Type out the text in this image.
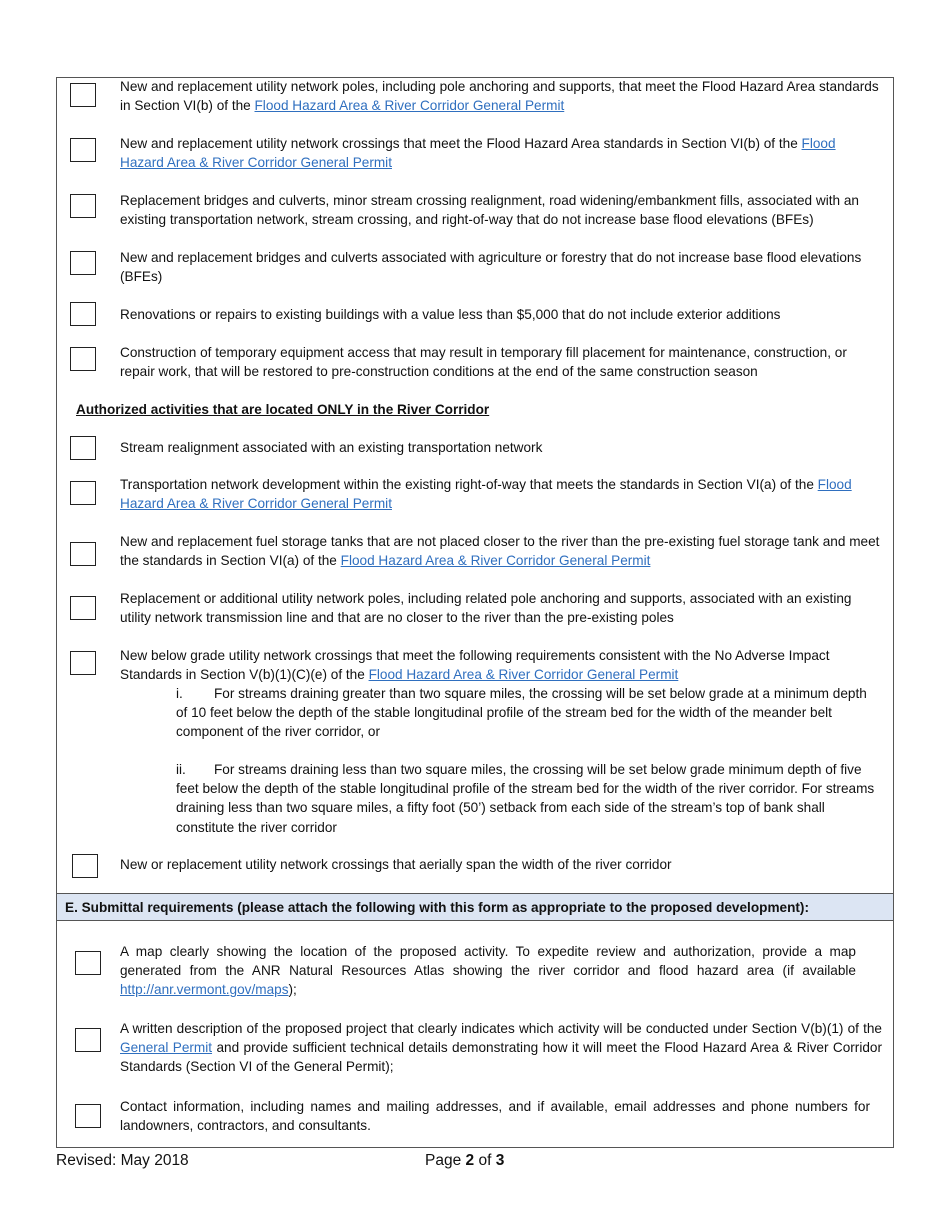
New and replacement utility network poles, including pole anchoring and supports, that meet the Flood Hazard Area standards in Section VI(b) of the Flood Hazard Area & River Corridor General Permit
New and replacement utility network crossings that meet the Flood Hazard Area standards in Section VI(b) of the Flood Hazard Area & River Corridor General Permit
Replacement bridges and culverts, minor stream crossing realignment, road widening/embankment fills, associated with an existing transportation network, stream crossing, and right-of-way that do not increase base flood elevations (BFEs)
New and replacement bridges and culverts associated with agriculture or forestry that do not increase base flood elevations (BFEs)
Renovations or repairs to existing buildings with a value less than $5,000 that do not include exterior additions
Construction of temporary equipment access that may result in temporary fill placement for maintenance, construction, or repair work, that will be restored to pre-construction conditions at the end of the same construction season
Authorized activities that are located ONLY in the River Corridor
Stream realignment associated with an existing transportation network
Transportation network development within the existing right-of-way that meets the standards in Section VI(a) of the Flood Hazard Area & River Corridor General Permit
New and replacement fuel storage tanks that are not placed closer to the river than the pre-existing fuel storage tank and meet the standards in Section VI(a) of the Flood Hazard Area & River Corridor General Permit
Replacement or additional utility network poles, including related pole anchoring and supports, associated with an existing utility network transmission line and that are no closer to the river than the pre-existing poles
New below grade utility network crossings that meet the following requirements consistent with the No Adverse Impact Standards in Section V(b)(1)(C)(e) of the Flood Hazard Area & River Corridor General Permit
i. For streams draining greater than two square miles, the crossing will be set below grade at a minimum depth of 10 feet below the depth of the stable longitudinal profile of the stream bed for the width of the meander belt component of the river corridor, or
ii. For streams draining less than two square miles, the crossing will be set below grade minimum depth of five feet below the depth of the stable longitudinal profile of the stream bed for the width of the river corridor. For streams draining less than two square miles, a fifty foot (50’) setback from each side of the stream’s top of bank shall constitute the river corridor
New or replacement utility network crossings that aerially span the width of the river corridor
E. Submittal requirements (please attach the following with this form as appropriate to the proposed development):
A map clearly showing the location of the proposed activity. To expedite review and authorization, provide a map generated from the ANR Natural Resources Atlas showing the river corridor and flood hazard area (if available http://anr.vermont.gov/maps);
A written description of the proposed project that clearly indicates which activity will be conducted under Section V(b)(1) of the General Permit and provide sufficient technical details demonstrating how it will meet the Flood Hazard Area & River Corridor Standards (Section VI of the General Permit);
Contact information, including names and mailing addresses, and if available, email addresses and phone numbers for landowners, contractors, and consultants.
Revised: May 2018	Page 2 of 3
